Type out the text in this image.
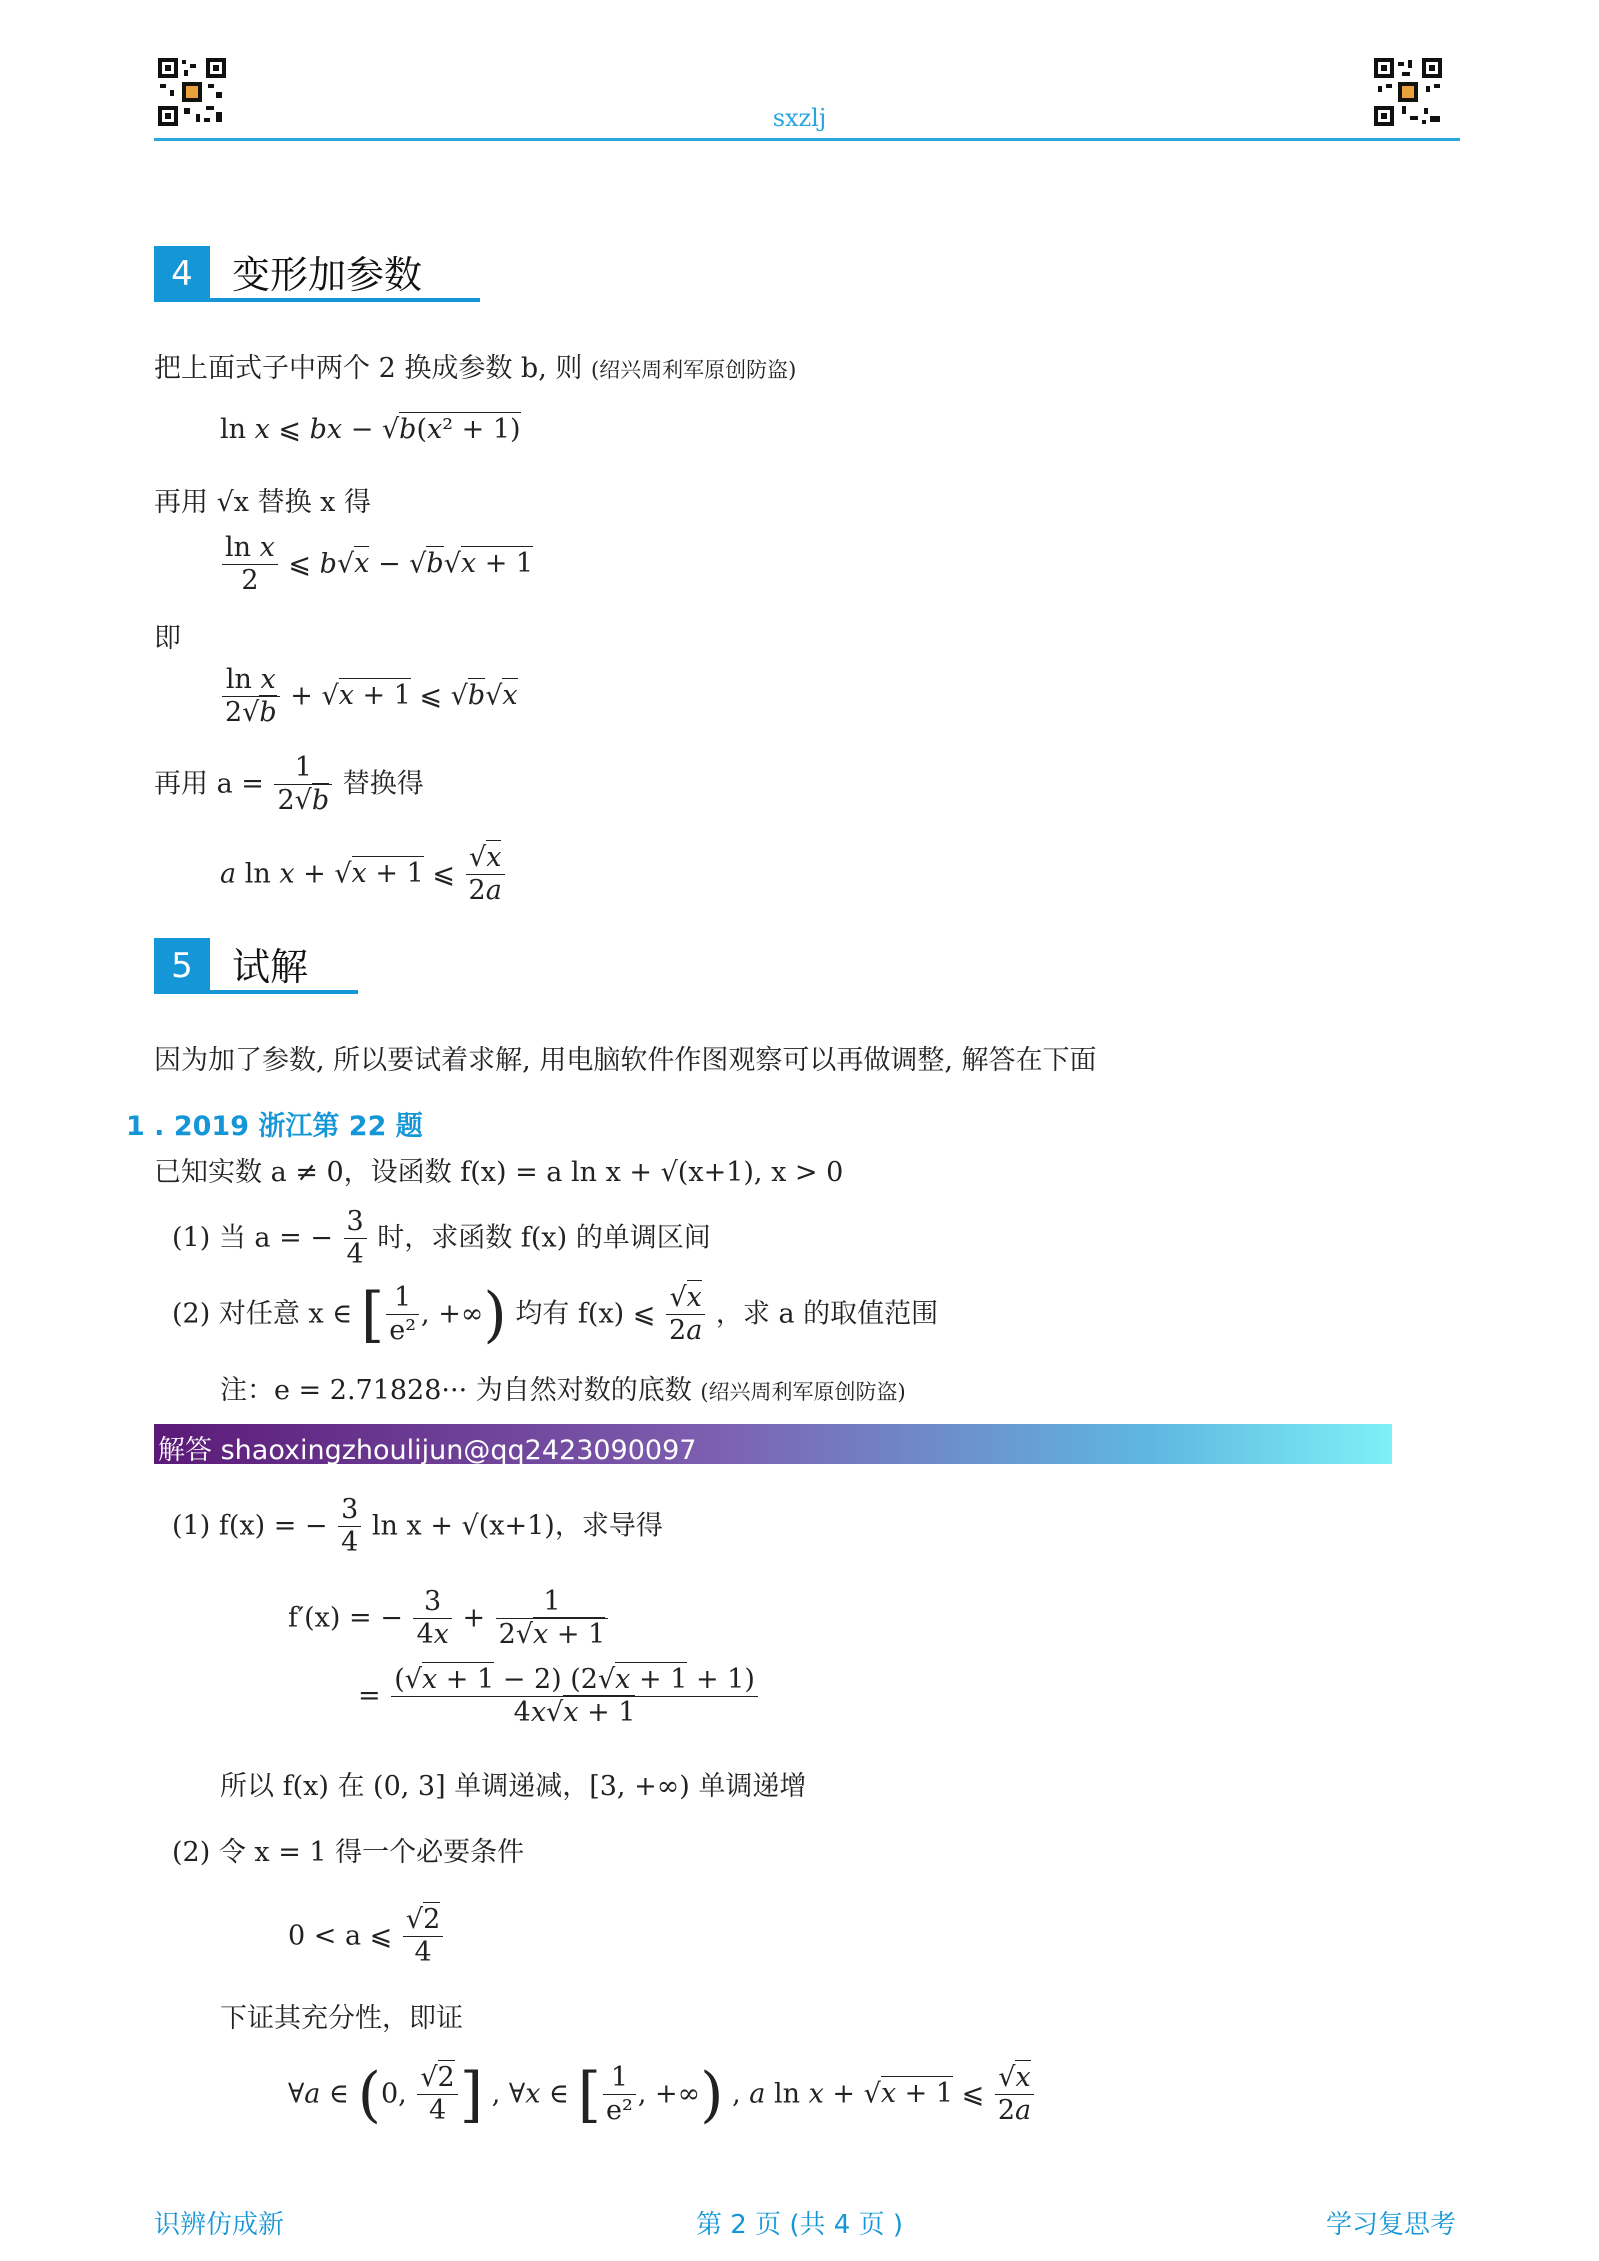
sxzlj
4	变形加参数
把上面式子中两个 2 换成参数 b, 则 (绍兴周利军原创防盗)
ln x ⩽ bx − √b(x² + 1)
再用 √x 替换 x 得
$\frac{\text{ln x}}{2}$ ⩽ b√x − √b√x + 1
即
$\frac{\text{ln x}}{2√b} + √x + 1$ ⩽ √b√x
再用 $a = \frac{1}{2√b}$ 替换得
a ln x + √x + 1 ⩽ $\frac{√x}{2a}$
5	试解
因为加了参数, 所以要试着求解, 用电脑软件作图观察可以再做调整, 解答在下面
1 . 2019 浙江第 22 题
已知实数 a ≠ 0，设函数 f(x) = a ln x + √(x+1), x > 0
(1) 当 a = − $\frac{3}{4}$ 时，求函数 f(x) 的单调区间
(2) 对任意 x ∈ [ $\frac{1}{\text{e²}}$ , +∞) 均有 f(x) ⩽ $\frac{√x}{2a}$ ，求 a 的取值范围
注：e = 2.71828··· 为自然对数的底数 (绍兴周利军原创防盗)
解答 shaoxingzhoulijun@qq2423090097
(1) f(x) = − $\frac{3}{4}$ ln x + √(x+1)，求导得
f′(x) = − $\frac{3}{4x} + \frac{1}{2√x + 1}$
= $\frac{(√x + 1 - 2) (2√x + 1 + 1)}{4x√x + 1}$
所以 f(x) 在 (0, 3] 单调递减，[3, +∞) 单调递增
(2) 令 x = 1 得一个必要条件
0 < a ⩽ $\frac{√2}{4}$
下证其充分性，即证
∀a ∈ (0, $\frac{√2}{4}$ ] , ∀x ∈ [ $\frac{1}{\text{e²}}$ , +∞) , a ln x + √x + 1 ⩽ $\frac{√x}{2a}$
识辨仿成新	第 2 页 (共 4 页 )	学习复思考
